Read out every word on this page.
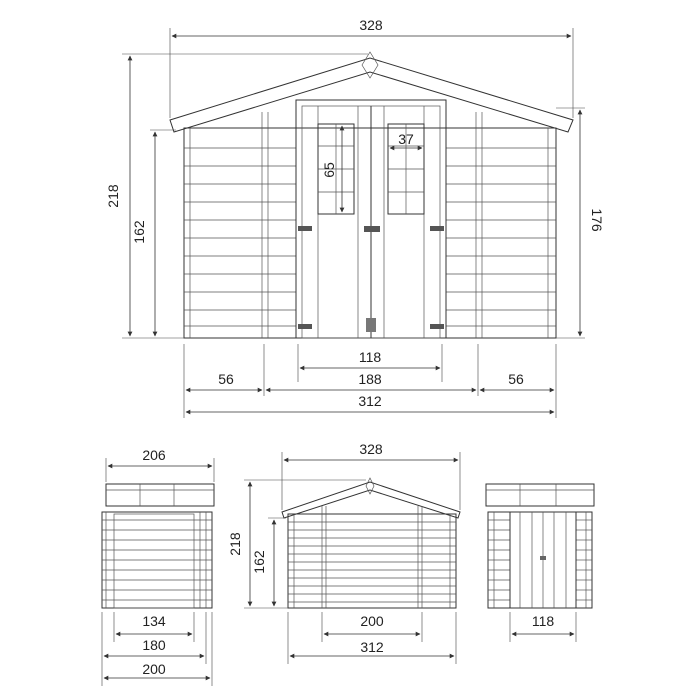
328
218
162
176
65
37
118
56	188	56
312
206
134
180
200
328
218
162
200
312
118
